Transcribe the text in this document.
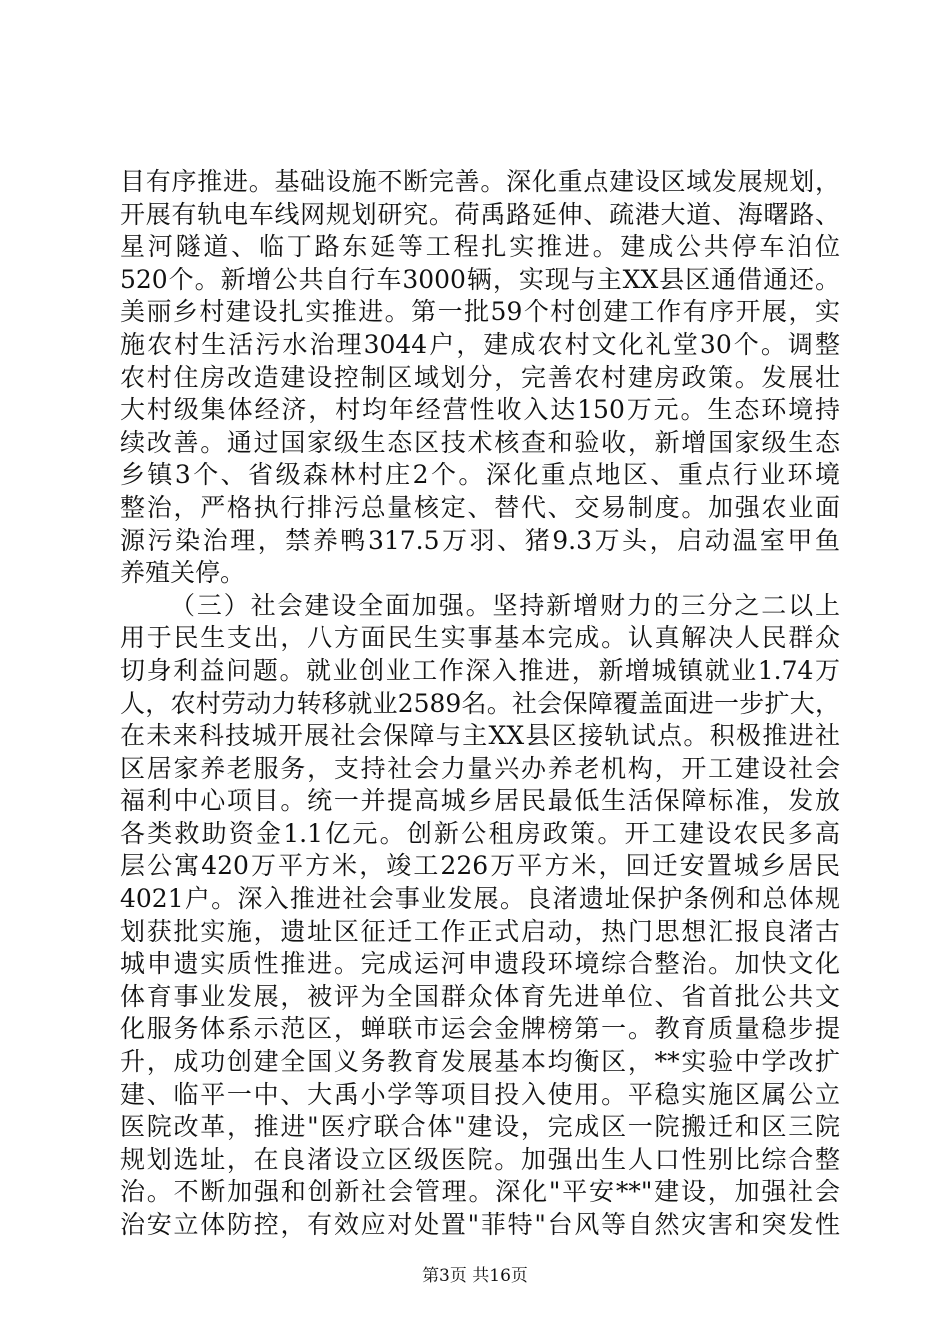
目有序推进。基础设施不断完善。深化重点建设区域发展规划，
开展有轨电车线网规划研究。荷禹路延伸、疏港大道、海曙路、
星河隧道、临丁路东延等工程扎实推进。建成公共停车泊位
520个。新增公共自行车3000辆，实现与主XX县区通借通还。
美丽乡村建设扎实推进。第一批59个村创建工作有序开展，实
施农村生活污水治理3044户，建成农村文化礼堂30个。调整
农村住房改造建设控制区域划分，完善农村建房政策。发展壮
大村级集体经济，村均年经营性收入达150万元。生态环境持
续改善。通过国家级生态区技术核查和验收，新增国家级生态
乡镇3个、省级森林村庄2个。深化重点地区、重点行业环境
整治，严格执行排污总量核定、替代、交易制度。加强农业面
源污染治理，禁养鸭317.5万羽、猪9.3万头，启动温室甲鱼
养殖关停。
（三）社会建设全面加强。坚持新增财力的三分之二以上
用于民生支出，八方面民生实事基本完成。认真解决人民群众
切身利益问题。就业创业工作深入推进，新增城镇就业1.74万
人，农村劳动力转移就业2589名。社会保障覆盖面进一步扩大，
在未来科技城开展社会保障与主XX县区接轨试点。积极推进社
区居家养老服务，支持社会力量兴办养老机构，开工建设社会
福利中心项目。统一并提高城乡居民最低生活保障标准，发放
各类救助资金1.1亿元。创新公租房政策。开工建设农民多高
层公寓420万平方米，竣工226万平方米，回迁安置城乡居民
4021户。深入推进社会事业发展。良渚遗址保护条例和总体规
划获批实施，遗址区征迁工作正式启动，热门思想汇报良渚古
城申遗实质性推进。完成运河申遗段环境综合整治。加快文化
体育事业发展，被评为全国群众体育先进单位、省首批公共文
化服务体系示范区，蝉联市运会金牌榜第一。教育质量稳步提
升，成功创建全国义务教育发展基本均衡区，**实验中学改扩
建、临平一中、大禹小学等项目投入使用。平稳实施区属公立
医院改革，推进"医疗联合体"建设，完成区一院搬迁和区三院
规划选址，在良渚设立区级医院。加强出生人口性别比综合整
治。不断加强和创新社会管理。深化"平安**"建设，加强社会
治安立体防控，有效应对处置"菲特"台风等自然灾害和突发性
第3页 共16页
